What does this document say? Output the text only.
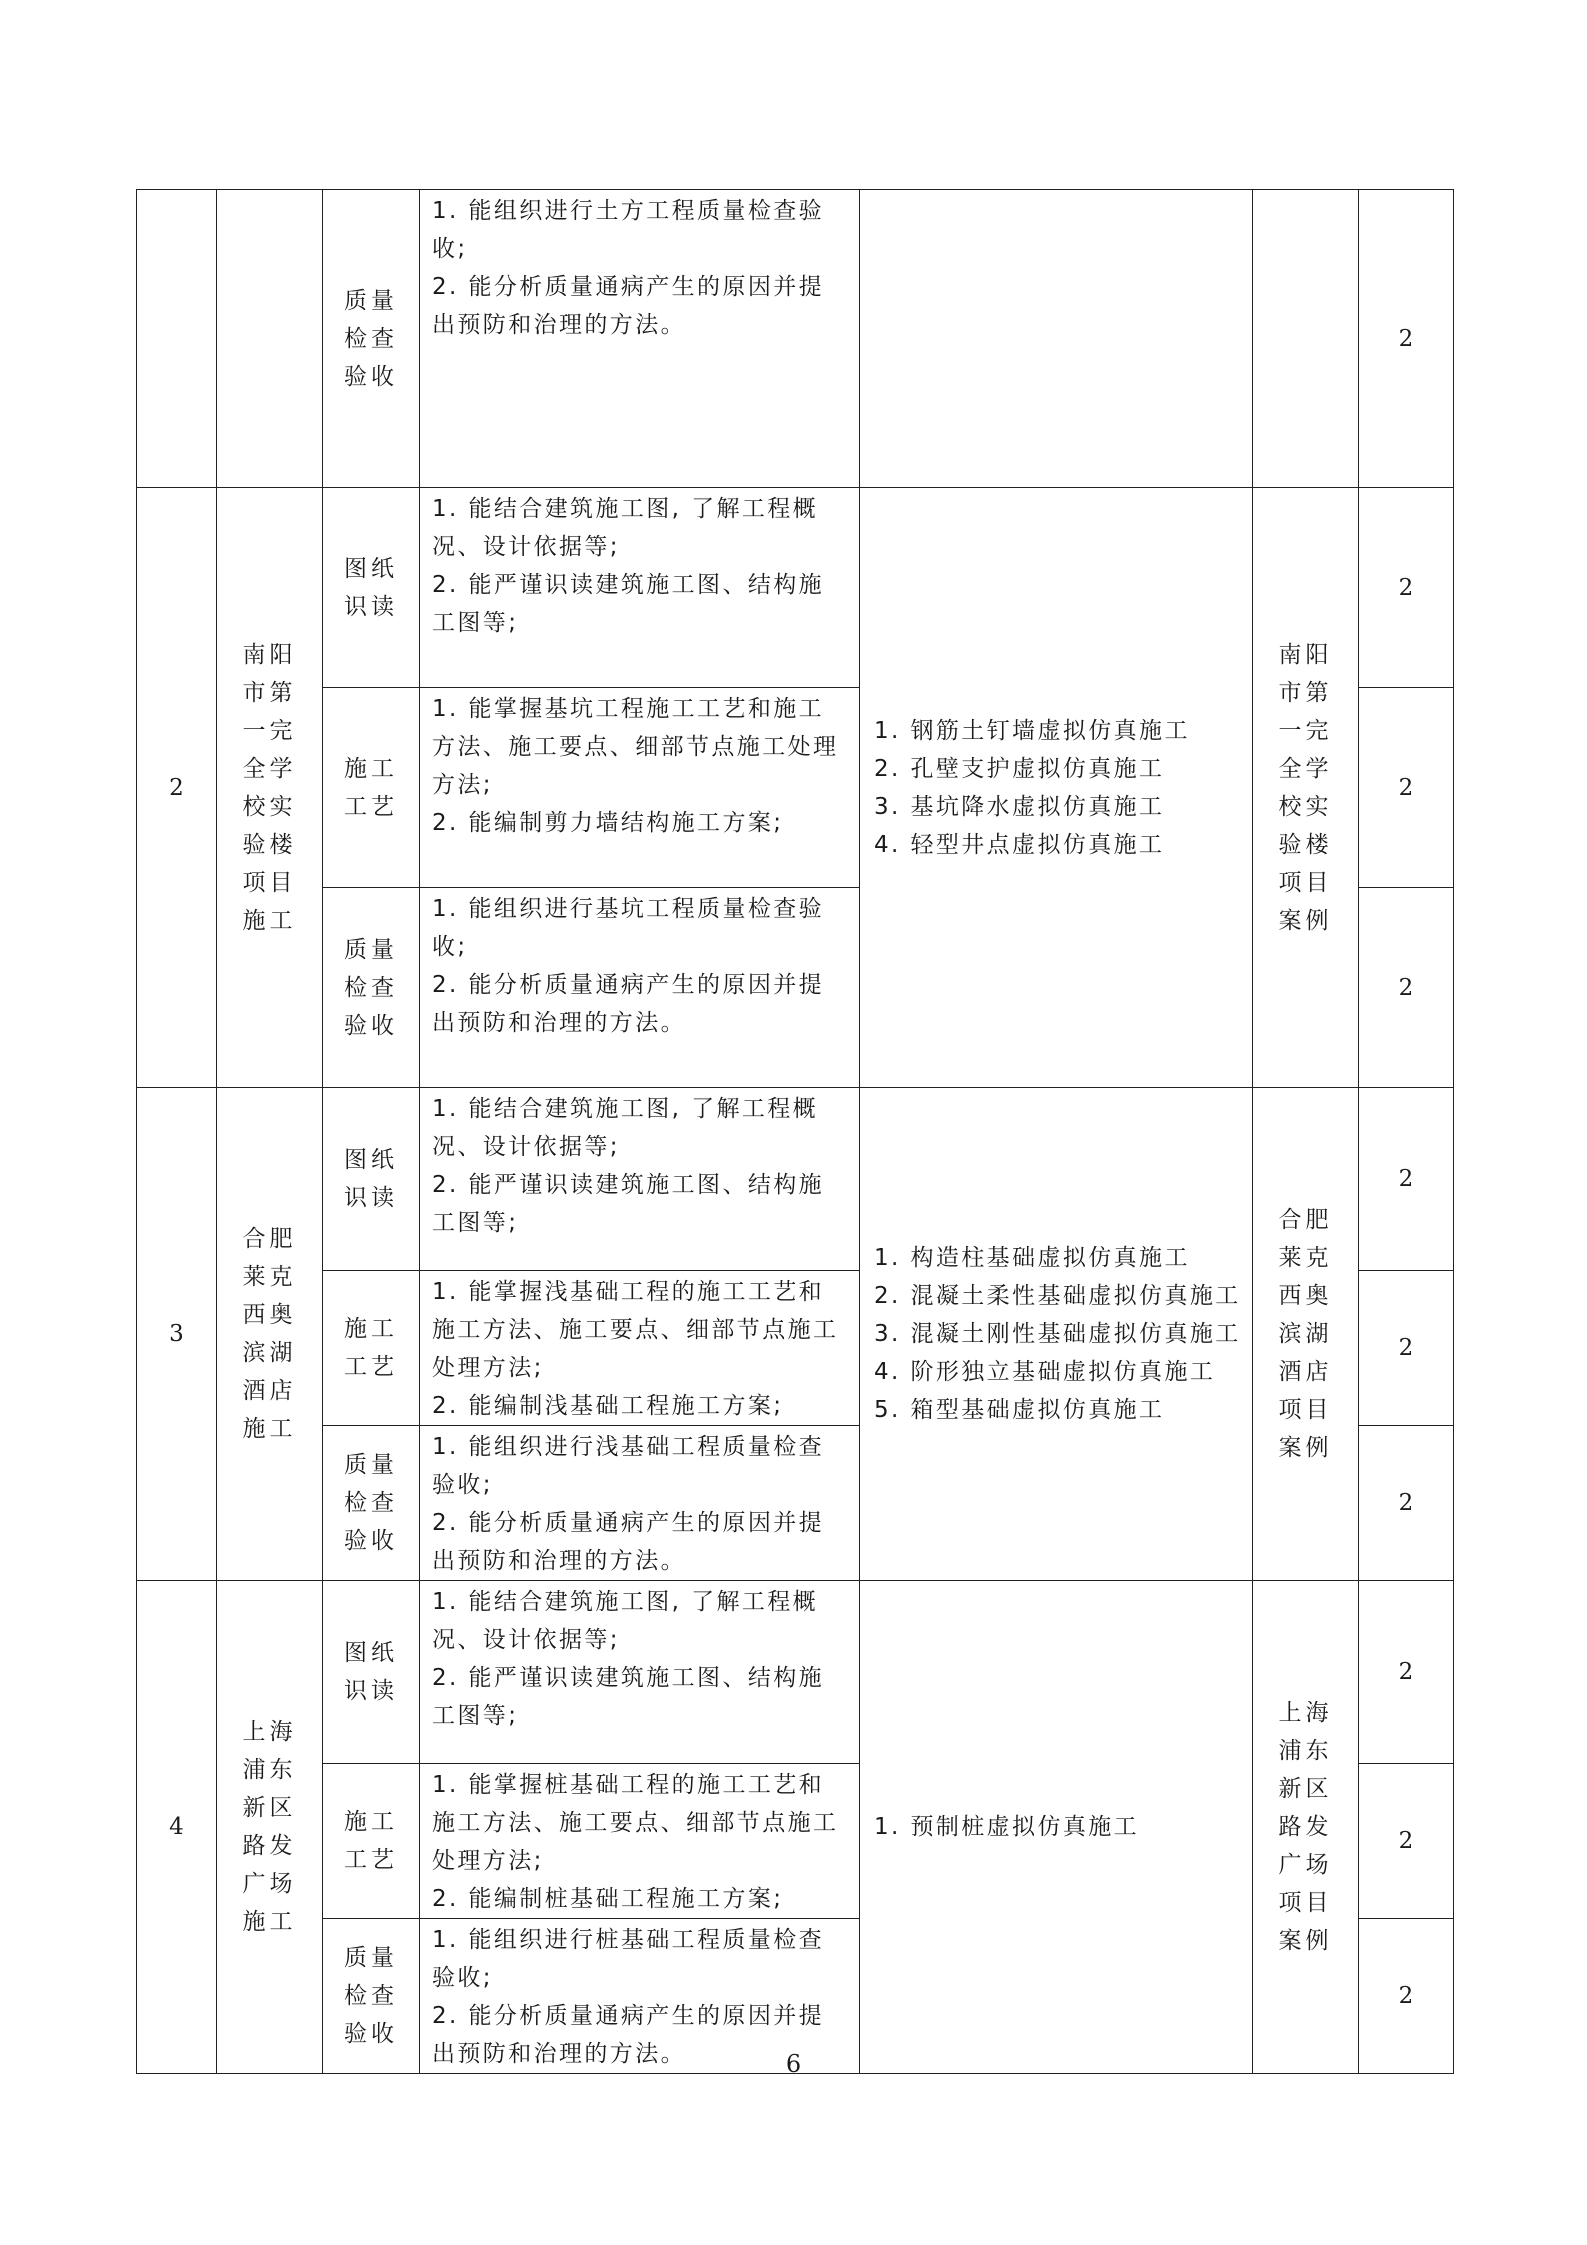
		质量检查验收	1. 能组织进行土方工程质量检查验收;
2. 能分析质量通病产生的原因并提出预防和治理的方法。			2
2	南阳市第一完全学校实验楼项目施工	图纸识读	1. 能结合建筑施工图, 了解工程概况、设计依据等;
2. 能严谨识读建筑施工图、结构施工图等;	1. 钢筋土钉墙虚拟仿真施工
2. 孔壁支护虚拟仿真施工
3. 基坑降水虚拟仿真施工
4. 轻型井点虚拟仿真施工	南阳市第一完全学校实验楼项目案例	2
		施工工艺	1. 能掌握基坑工程施工工艺和施工方法、施工要点、细部节点施工处理方法;
2. 能编制剪力墙结构施工方案;			2
		质量检查验收	1. 能组织进行基坑工程质量检查验收;
2. 能分析质量通病产生的原因并提出预防和治理的方法。			2
3	合肥莱克西奥滨湖酒店施工	图纸识读	1. 能结合建筑施工图, 了解工程概况、设计依据等;
2. 能严谨识读建筑施工图、结构施工图等;	1. 构造柱基础虚拟仿真施工
2. 混凝土柔性基础虚拟仿真施工
3. 混凝土刚性基础虚拟仿真施工
4. 阶形独立基础虚拟仿真施工
5. 箱型基础虚拟仿真施工	合肥莱克西奥滨湖酒店项目案例	2
		施工工艺	1. 能掌握浅基础工程的施工工艺和施工方法、施工要点、细部节点施工处理方法;
2. 能编制浅基础工程施工方案;			2
		质量检查验收	1. 能组织进行浅基础工程质量检查验收;
2. 能分析质量通病产生的原因并提出预防和治理的方法。			2
4	上海浦东新区路发广场施工	图纸识读	1. 能结合建筑施工图, 了解工程概况、设计依据等;
2. 能严谨识读建筑施工图、结构施工图等;	1. 预制桩虚拟仿真施工	上海浦东新区路发广场项目案例	2
		施工工艺	1. 能掌握桩基础工程的施工工艺和施工方法、施工要点、细部节点施工处理方法;
2. 能编制桩基础工程施工方案;			2
		质量检查验收	1. 能组织进行桩基础工程质量检查验收;
2. 能分析质量通病产生的原因并提出预防和治理的方法。			2
6
